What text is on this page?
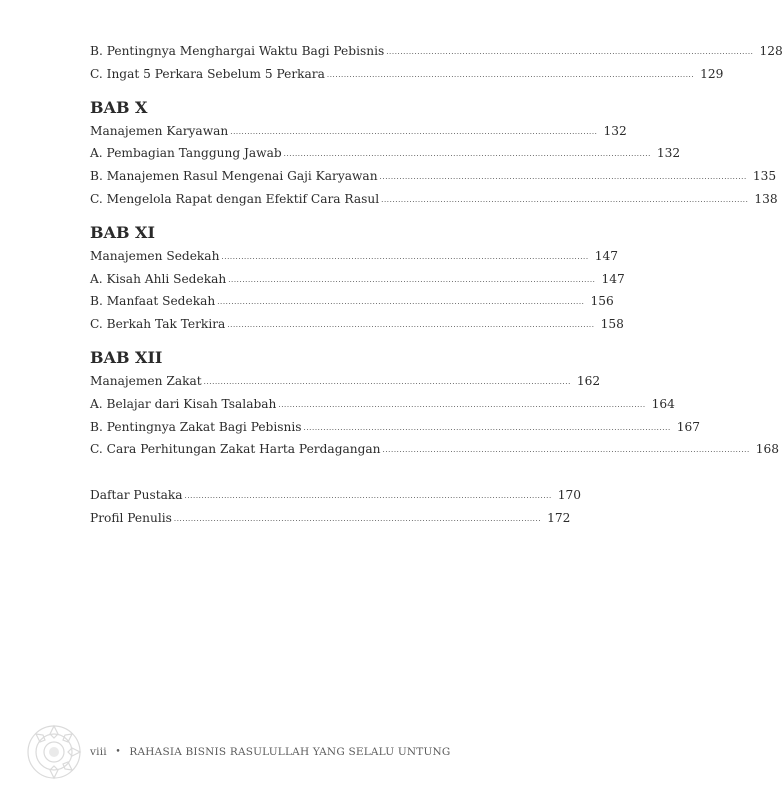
B. Pentingnya Menghargai Waktu Bagi Pebisnis .................................................................................................................................. 128
C. Ingat 5 Perkara Sebelum 5 Perkara .................................................................................................................................. 129
BAB X
Manajemen Karyawan .................................................................................................................................. 132
A. Pembagian Tanggung Jawab .................................................................................................................................. 132
B. Manajemen Rasul Mengenai Gaji Karyawan .................................................................................................................................. 135
C. Mengelola Rapat dengan Efektif Cara Rasul .................................................................................................................................. 138
BAB XI
Manajemen Sedekah .................................................................................................................................. 147
A. Kisah Ahli Sedekah .................................................................................................................................. 147
B. Manfaat Sedekah .................................................................................................................................. 156
C. Berkah Tak Terkira .................................................................................................................................. 158
BAB XII
Manajemen Zakat .................................................................................................................................. 162
A. Belajar dari Kisah Tsalabah .................................................................................................................................. 164
B. Pentingnya Zakat Bagi Pebisnis .................................................................................................................................. 167
C. Cara Perhitungan Zakat Harta Perdagangan .................................................................................................................................. 168
Daftar Pustaka .................................................................................................................................. 170
Profil Penulis .................................................................................................................................. 172
viii • RAHASIA BISNIS RASULULLAH YANG SELALU UNTUNG
